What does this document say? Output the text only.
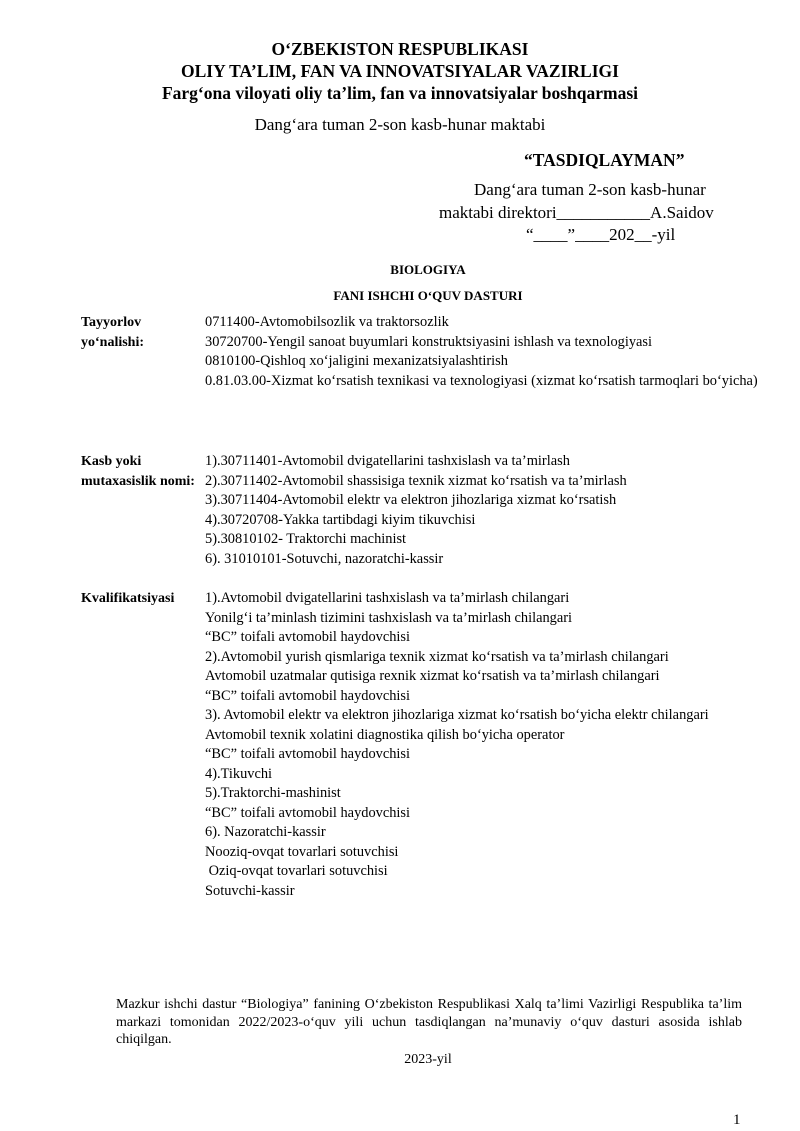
O‘ZBEKISTON RESPUBLIKASI
OLIY TA’LIM, FAN VA INNOVATSIYALAR VAZIRLIGI
Farg‘ona viloyati oliy ta’lim, fan va innovatsiyalar boshqarmasi
Dang‘ara tuman 2-son kasb-hunar maktabi
“TASDIQLAYMAN”
Dang‘ara tuman 2-son kasb-hunar
maktabi direktori___________A.Saidov
“____”____202__-yil
BIOLOGIYA
FANI ISHCHI O‘QUV DASTURI
Tayyorlov yo‘nalishi:
0711400-Avtomobilsozlik va traktorsozlik
30720700-Yengil sanoat buyumlari konstruktsiyasini ishlash va texnologiyasi
0810100-Qishloq xo‘jaligini mexanizatsiyalashtirish
0.81.03.00-Xizmat ko‘rsatish texnikasi va texnologiyasi (xizmat ko‘rsatish tarmoqlari bo‘yicha)
Kasb yoki mutaxasislik nomi:
1).30711401-Avtomobil dvigatellarini tashxislash va ta’mirlash
2).30711402-Avtomobil shassisiga texnik xizmat ko‘rsatish va ta’mirlash
3).30711404-Avtomobil elektr va elektron jihozlariga xizmat ko‘rsatish
4).30720708-Yakka tartibdagi kiyim tikuvchisi
5).30810102- Traktorchi machinist
6). 31010101-Sotuvchi, nazoratchi-kassir
Kvalifikatsiyasi	1).Avtomobil dvigatellarini tashxislash va ta’mirlash chilangari
Yonilg‘i ta’minlash tizimini tashxislash va ta’mirlash chilangari
“BC” toifali avtomobil haydovchisi
2).Avtomobil yurish qismlariga texnik xizmat ko‘rsatish va ta’mirlash chilangari
Avtomobil uzatmalar qutisiga rexnik xizmat ko‘rsatish va ta’mirlash chilangari
“BC” toifali avtomobil haydovchisi
3). Avtomobil elektr va elektron jihozlariga xizmat ko‘rsatish bo‘yicha elektr chilangari
Avtomobil texnik xolatini diagnostika qilish bo‘yicha operator
“BC” toifali avtomobil haydovchisi
4).Tikuvchi
5).Traktorchi-mashinist
“BC” toifali avtomobil haydovchisi
6). Nazoratchi-kassir
Nooziq-ovqat tovarlari sotuvchisi
Oziq-ovqat tovarlari sotuvchisi
Sotuvchi-kassir
Mazkur ishchi dastur “Biologiya” fanining O‘zbekiston Respublikasi Xalq ta’limi Vazirligi Respublika ta’lim markazi tomonidan 2022/2023-o‘quv yili uchun tasdiqlangan na’munaviy o‘quv dasturi asosida ishlab chiqilgan.
2023-yil
1
